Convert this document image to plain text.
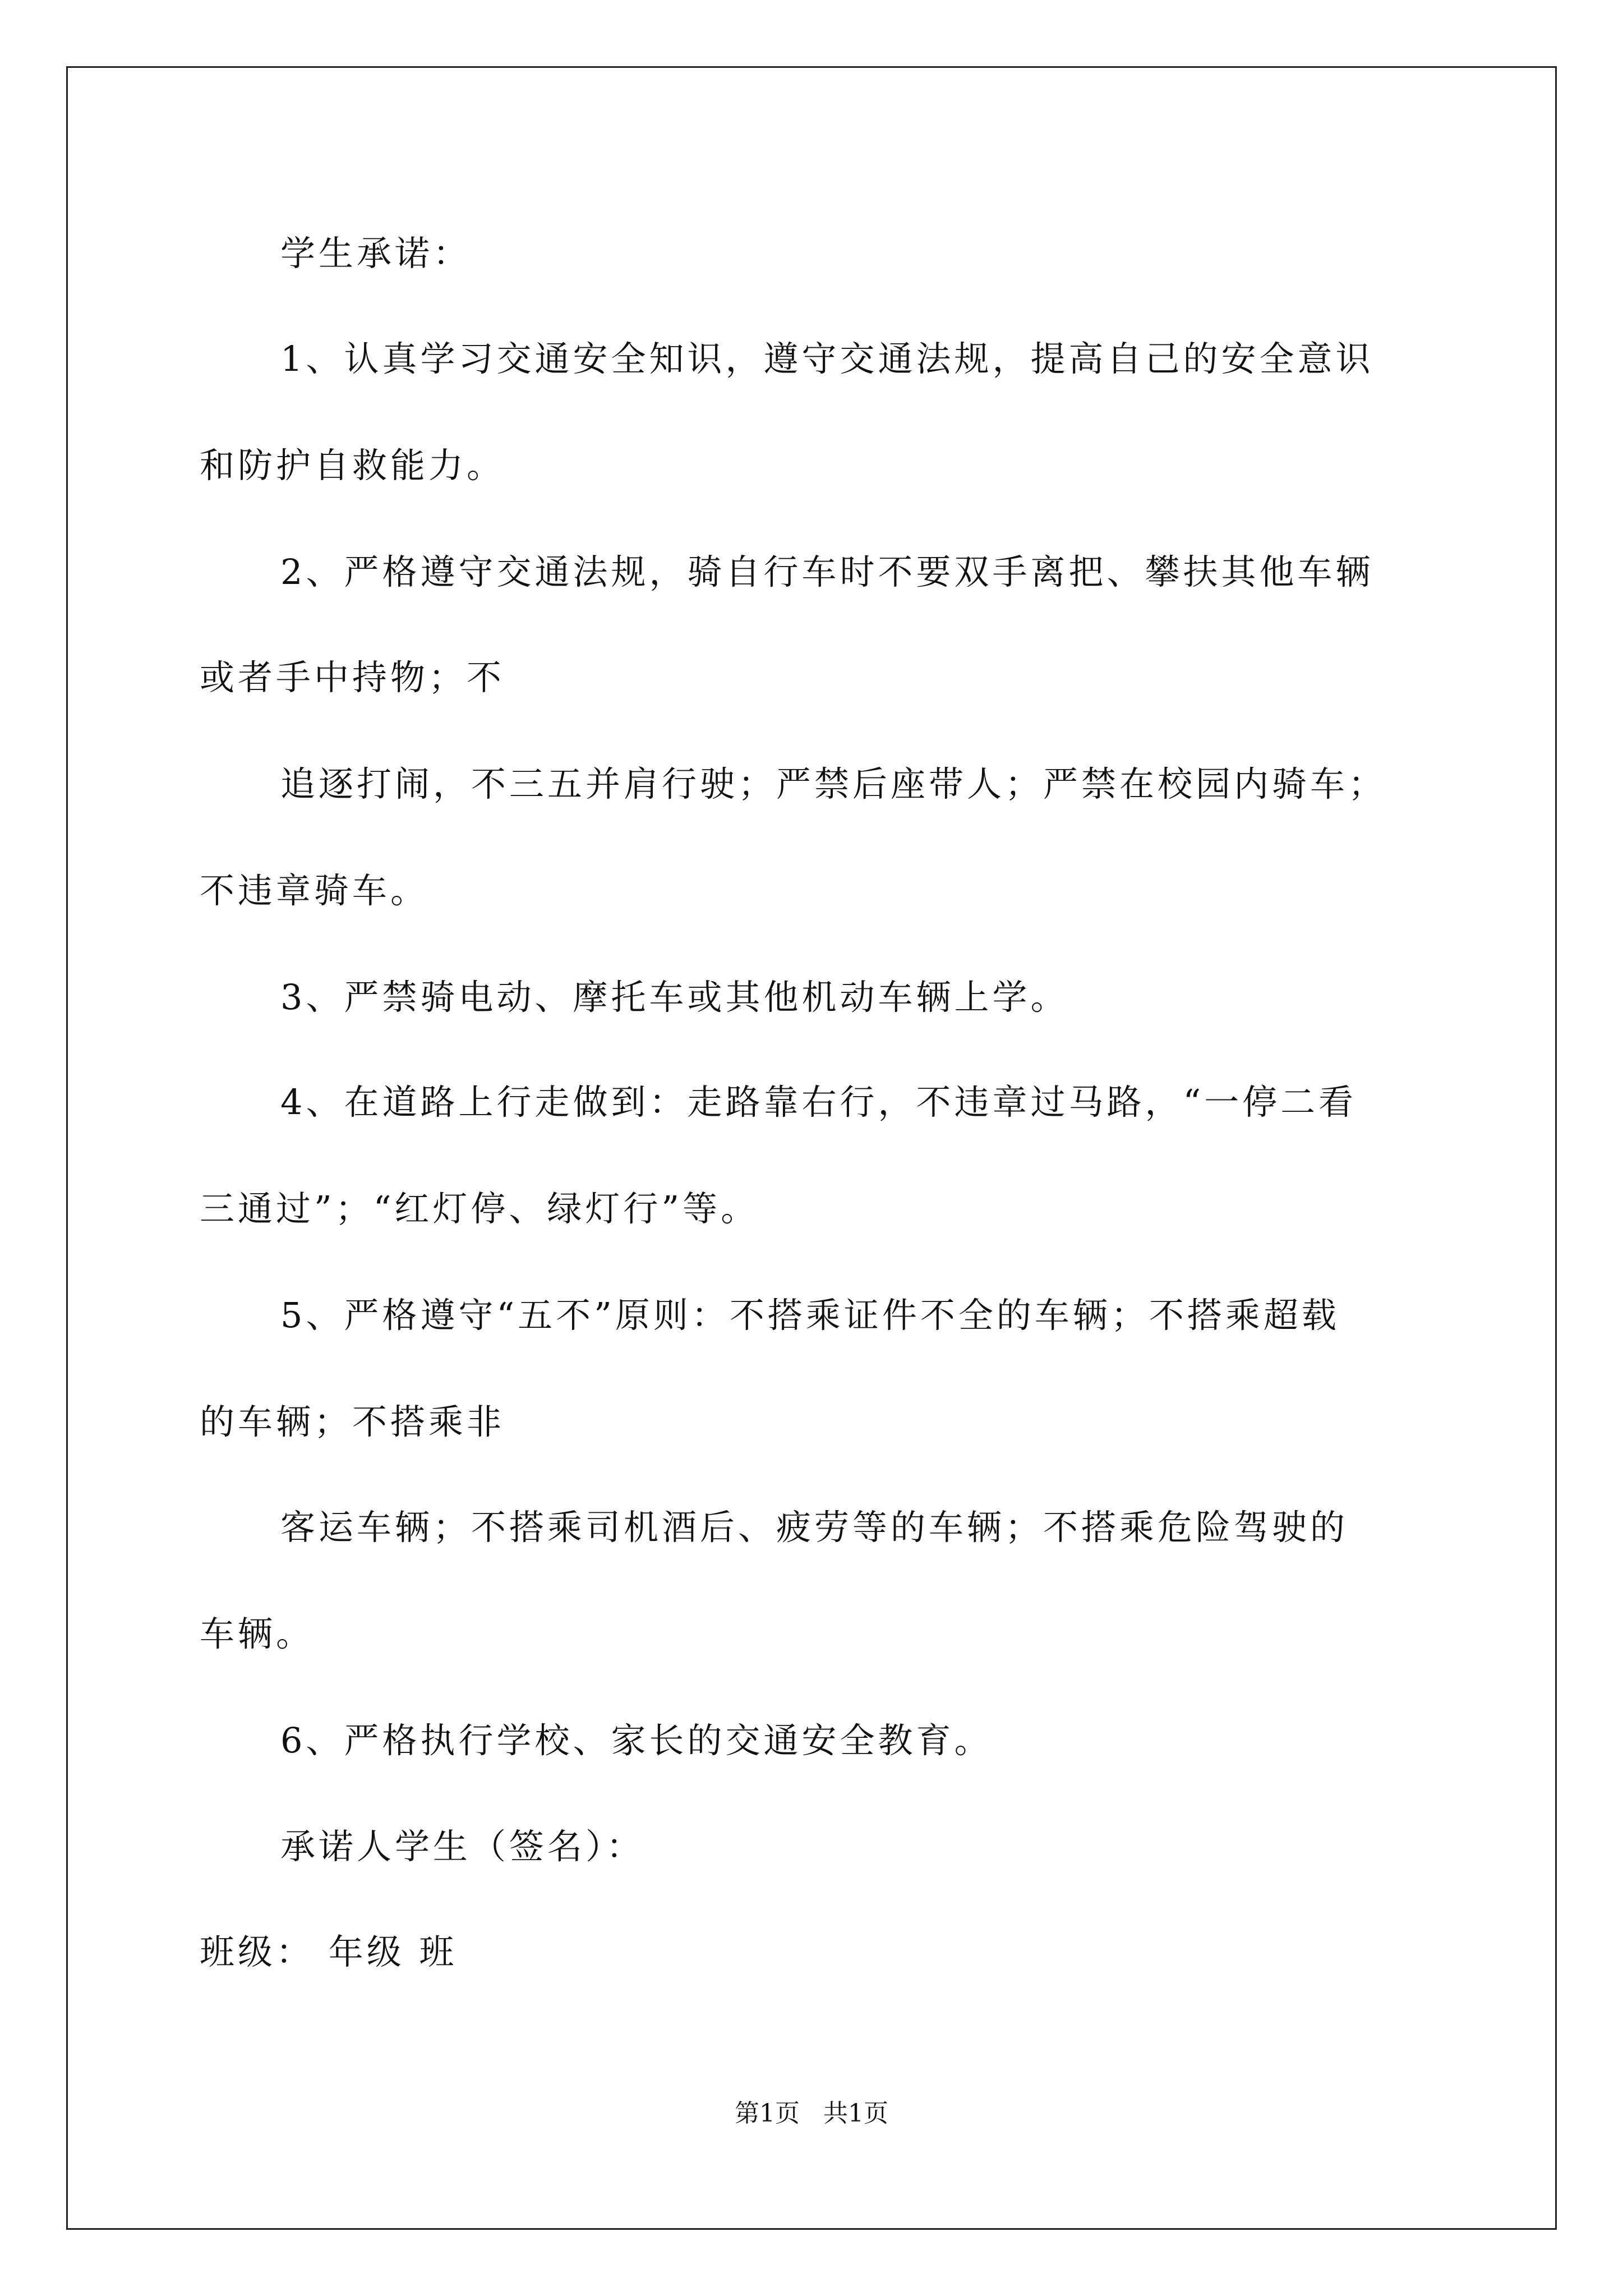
学生承诺：
1、认真学习交通安全知识，遵守交通法规，提高自己的安全意识
和防护自救能力。
2、严格遵守交通法规，骑自行车时不要双手离把、攀扶其他车辆
或者手中持物；不
追逐打闹，不三五并肩行驶；严禁后座带人；严禁在校园内骑车；
不违章骑车。
3、严禁骑电动、摩托车或其他机动车辆上学。
4、在道路上行走做到：走路靠右行，不违章过马路，“一停二看
三通过”；“红灯停、绿灯行”等。
5、严格遵守“五不”原则：不搭乘证件不全的车辆；不搭乘超载
的车辆；不搭乘非
客运车辆；不搭乘司机酒后、疲劳等的车辆；不搭乘危险驾驶的
车辆。
6、严格执行学校、家长的交通安全教育。
承诺人学生（签名）：
班级： 年级 班
第1页   共1页
